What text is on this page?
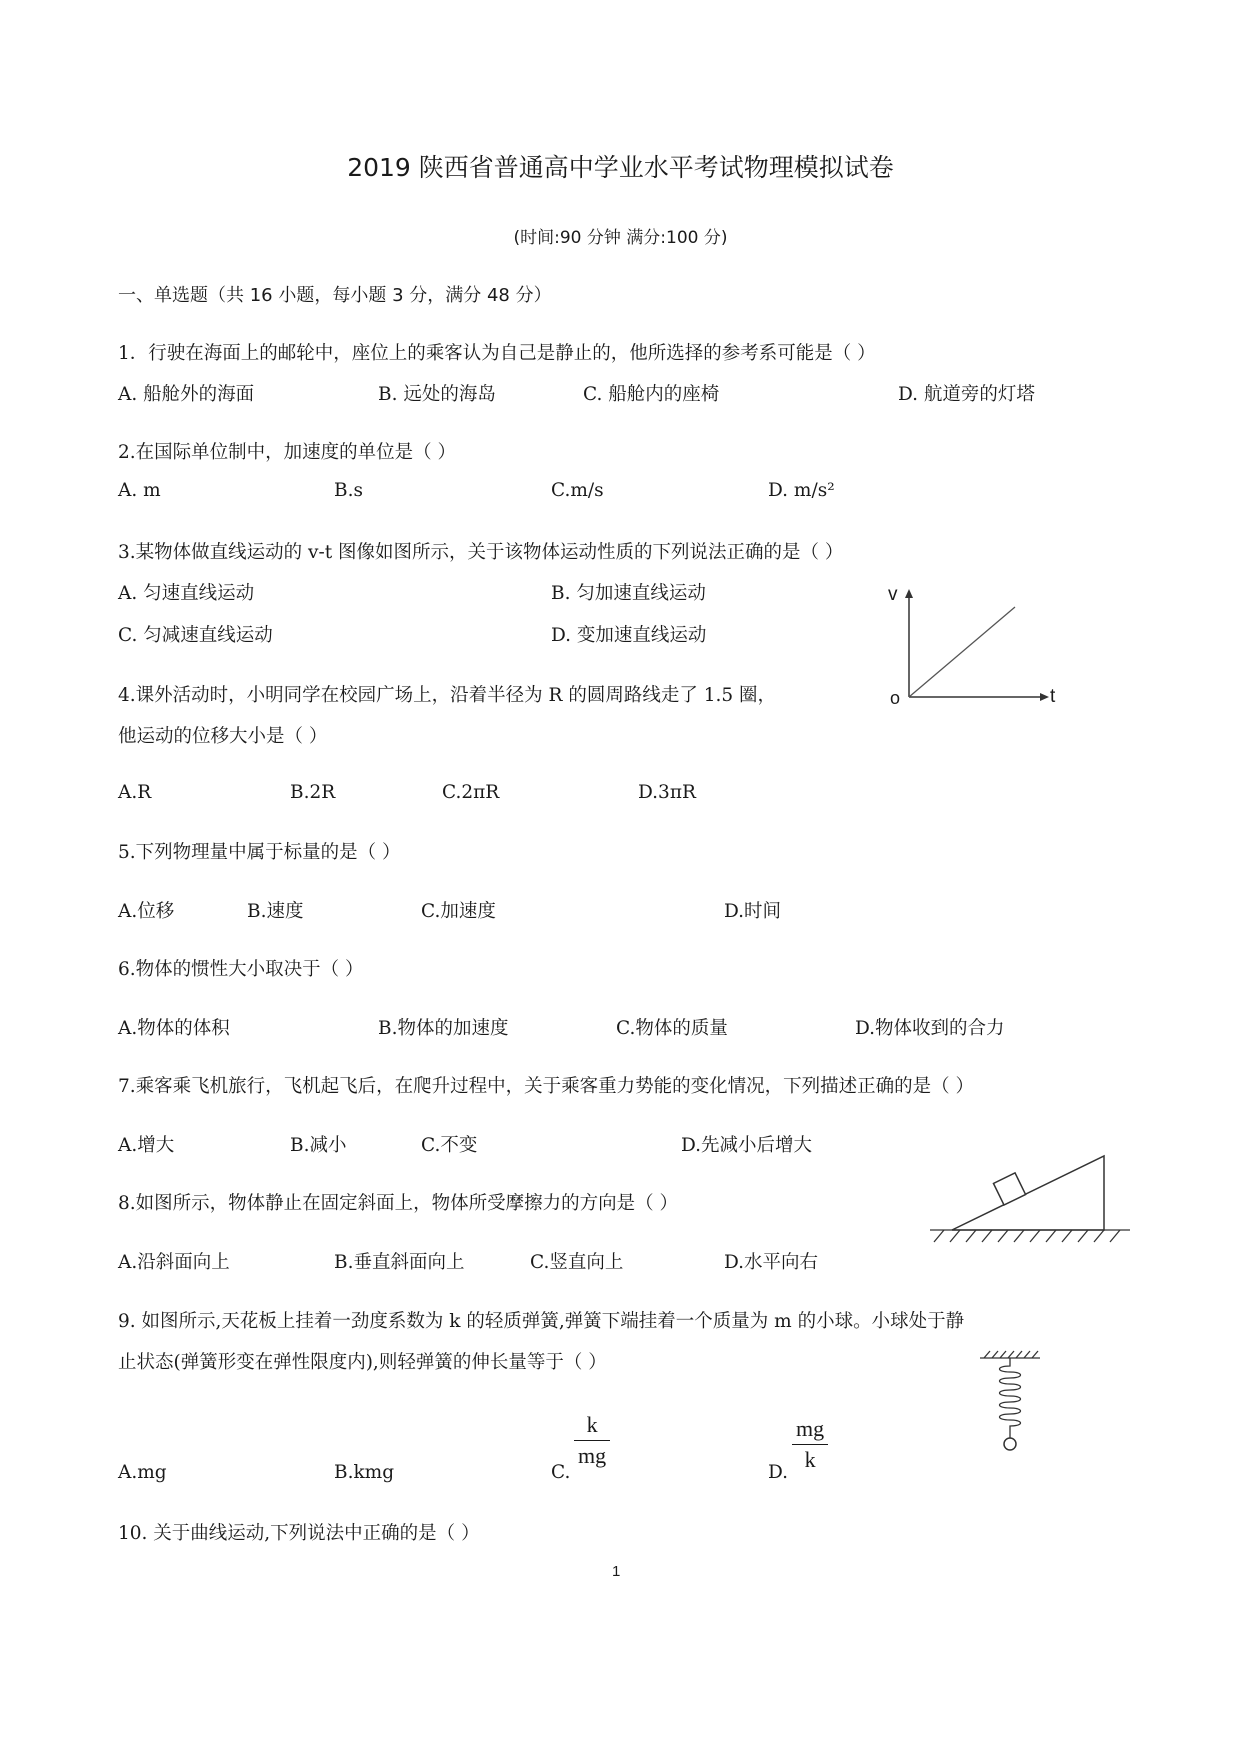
2019 陕西省普通高中学业水平考试物理模拟试卷
(时间:90 分钟 满分:100 分)
一、单选题（共 16 小题，每小题 3 分，满分 48 分）
1．行驶在海面上的邮轮中，座位上的乘客认为自己是静止的，他所选择的参考系可能是（ ）
A. 船舱外的海面	B. 远处的海岛	C. 船舱内的座椅	D. 航道旁的灯塔
2.在国际单位制中，加速度的单位是（ ）
A. m	B.s	C.m/s	D. m/s²
3.某物体做直线运动的 v-t 图像如图所示，关于该物体运动性质的下列说法正确的是（ ）
A. 匀速直线运动	B. 匀加速直线运动
C. 匀减速直线运动	D. 变加速直线运动
v
t
o
4.课外活动时，小明同学在校园广场上，沿着半径为 R 的圆周路线走了 1.5 圈，
他运动的位移大小是（ ）
A.R	B.2R	C.2πR	D.3πR
5.下列物理量中属于标量的是（ ）
A.位移	B.速度	C.加速度	D.时间
6.物体的惯性大小取决于（ ）
A.物体的体积	B.物体的加速度	C.物体的质量	D.物体收到的合力
7.乘客乘飞机旅行，飞机起飞后，在爬升过程中，关于乘客重力势能的变化情况，下列描述正确的是（ ）
A.增大	B.减小	C.不变	D.先减小后增大
8.如图所示，物体静止在固定斜面上，物体所受摩擦力的方向是（ ）
A.沿斜面向上	B.垂直斜面向上	C.竖直向上	D.水平向右
9. 如图所示,天花板上挂着一劲度系数为 k 的轻质弹簧,弹簧下端挂着一个质量为 m 的小球。小球处于静
止状态(弹簧形变在弹性限度内),则轻弹簧的伸长量等于（ ）
A.mg	B.kmg	C.
k
mg
D.
mg
k
10. 关于曲线运动,下列说法中正确的是（ ）
1
